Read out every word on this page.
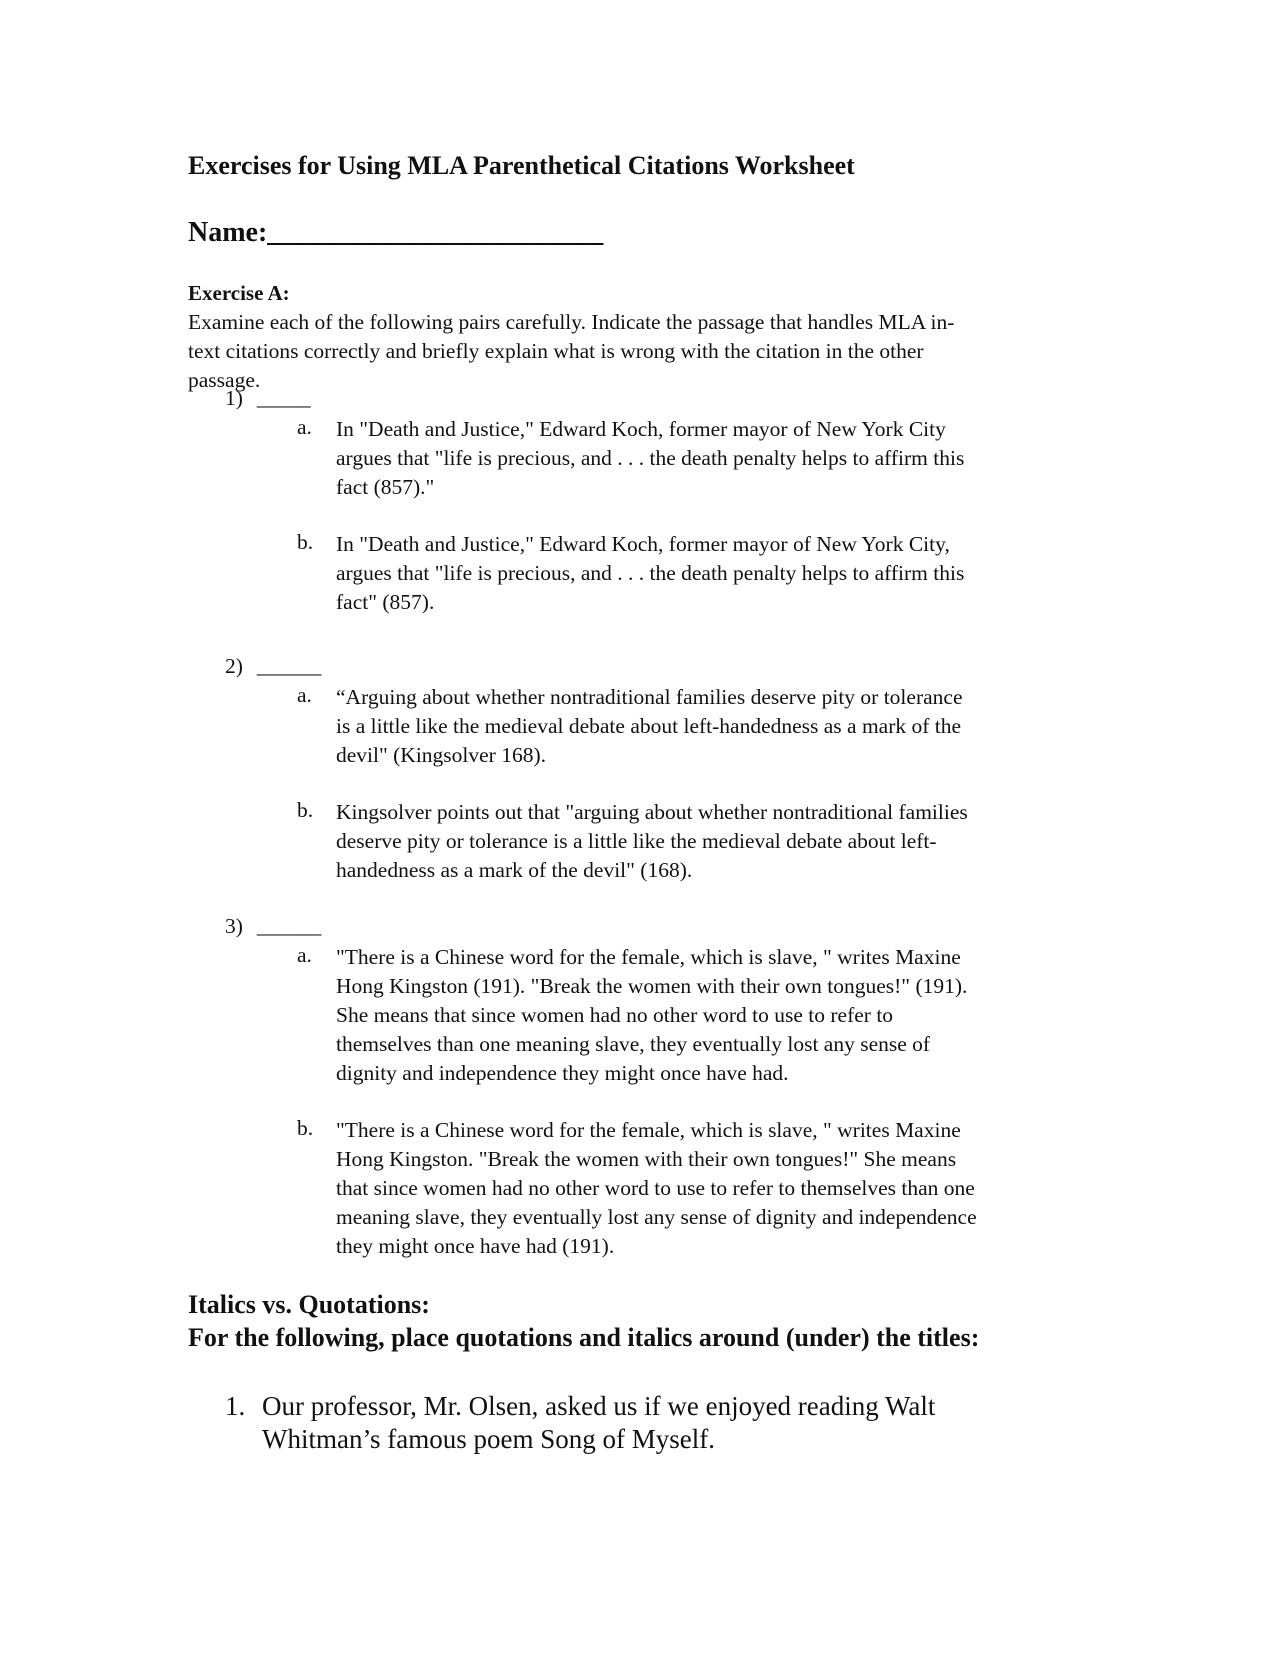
Exercises for Using MLA Parenthetical Citations Worksheet
Name:________________________
Exercise A:
Examine each of the following pairs carefully. Indicate the passage that handles MLA in-
text citations correctly and briefly explain what is wrong with the citation in the other
passage.
1) _____
a. In "Death and Justice," Edward Koch, former mayor of New York City
argues that "life is precious, and . . . the death penalty helps to affirm this
fact (857)."
b. In "Death and Justice," Edward Koch, former mayor of New York City,
argues that "life is precious, and . . . the death penalty helps to affirm this
fact" (857).
2) ______
a. “Arguing about whether nontraditional families deserve pity or tolerance
is a little like the medieval debate about left-handedness as a mark of the
devil" (Kingsolver 168).
b. Kingsolver points out that "arguing about whether nontraditional families
deserve pity or tolerance is a little like the medieval debate about left-
handedness as a mark of the devil" (168).
3) ______
a. "There is a Chinese word for the female, which is slave, " writes Maxine
Hong Kingston (191). "Break the women with their own tongues!" (191).
She means that since women had no other word to use to refer to
themselves than one meaning slave, they eventually lost any sense of
dignity and independence they might once have had.
b. "There is a Chinese word for the female, which is slave, " writes Maxine
Hong Kingston. "Break the women with their own tongues!" She means
that since women had no other word to use to refer to themselves than one
meaning slave, they eventually lost any sense of dignity and independence
they might once have had (191).
Italics vs. Quotations:
For the following, place quotations and italics around (under) the titles:
1. Our professor, Mr. Olsen, asked us if we enjoyed reading Walt
Whitman’s famous poem Song of Myself.
